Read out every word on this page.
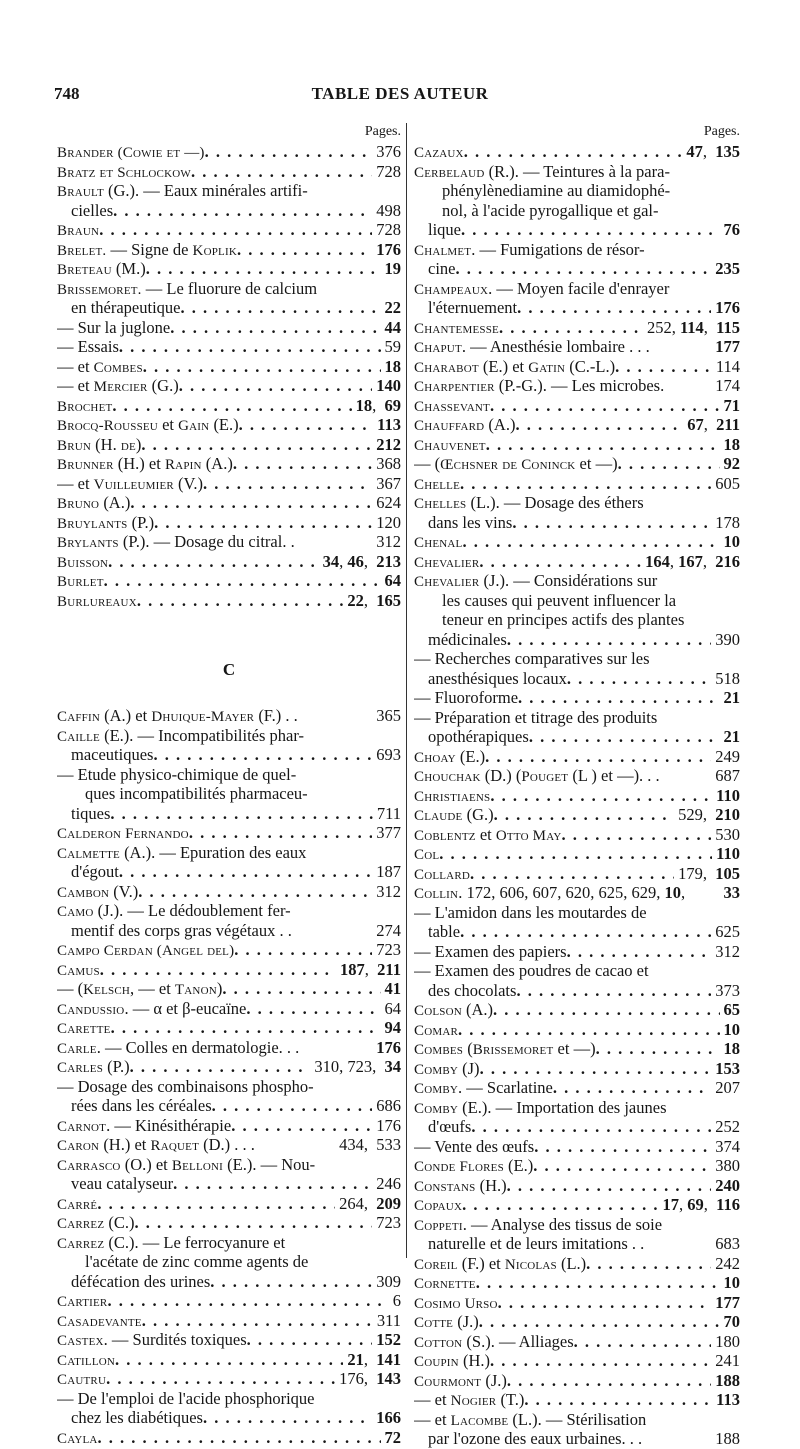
748	TABLE DES AUTEUR
Pages.
Brander (Cowie et —) . . .	376
Bratz et Schlockow . . .	728
Brault (G.). — Eaux minérales artifi-
cielles . . .	498
Braun . . .	728
Brelet. — Signe de Koplik . . .	176
Breteau (M.) . . .	19
Brissemoret. — Le fluorure de calcium
en thérapeutique . . .	22
— Sur la juglone . . .	44
— Essais . . .	59
— et Combes . . .	18
— et Mercier (G.) . . .	140
Brochet . . .	18,  69
Brocq-Rousseu et Gain (E.) . . .	113
Brun (H. de) . . .	212
Brunner (H.) et Rapin (A.) . . .	368
— et Vuilleumier (V.) . . .	367
Bruno (A.) . . .	624
Bruylants (P.) . . .	120
Brylants (P.). — Dosage du citral. .	312
Buisson . . .	34, 46,  213
Burlet . . .	64
Burlureaux . . .	22,  165
C
Caffin (A.) et Dhuique-Mayer (F.) . .	365
Caille (E.). — Incompatibilités phar-
maceutiques . . .	693
— Etude physico-chimique de quel-
ques incompatibilités pharmaceu-
tiques . . .	711
Calderon Fernando . . .	377
Calmette (A.). — Epuration des eaux
d'égout . . .	187
Cambon (V.) . . .	312
Camo (J.). — Le dédoublement fer-
mentif des corps gras végétaux . .	274
Campo Cerdan (Angel del) . . .	723
Camus . . .	187,  211
— (Kelsch, — et Tanon) . . .	41
Candussio. — α et β-eucaïne . . .	64
Carette . . .	94
Carle. — Colles en dermatologie. . .	176
Carles (P.) . . .	310, 723,  34
— Dosage des combinaisons phospho-
rées dans les céréales . . .	686
Carnot. — Kinésithérapie . . .	176
Caron (H.) et Raquet (D.) . . .	434,  533
Carrasco (O.) et Belloni (E.). — Nou-
veau catalyseur . . .	246
Carré . . .	264,  209
Carrez (C.) . . .	723
Carrez (C.). — Le ferrocyanure et
l'acétate de zinc comme agents de
défécation des urines . . .	309
Cartier . . .	6
Casadevante . . .	311
Castex. — Surdités toxiques . . .	152
Catillon . . .	21,  141
Cautru . . .	176,  143
— De l'emploi de l'acide phosphorique
chez les diabétiques . . .	166
Cayla . . .	72
Pages.
Cazaux . . .	47,  135
Cerbelaud (R.). — Teintures à la para-
phénylènediamine au diamidophé-
nol, à l'acide pyrogallique et gal-
lique . . .	76
Chalmet. — Fumigations de résor-
cine . . .	235
Champeaux. — Moyen facile d'enrayer
l'éternuement . . .	176
Chantemesse . . .	252, 114,  115
Chaput. — Anesthésie lombaire . . .	177
Charabot (E.) et Gatin (C.-L.) . . .	114
Charpentier (P.-G.). — Les microbes.	174
Chassevant . . .	71
Chauffard (A.) . . .	67,  211
Chauvenet . . .	18
— (Œchsner de Coninck et —) . . .	92
Chelle . . .	605
Chelles (L.). — Dosage des éthers
dans les vins . . .	178
Chenal . . .	10
Chevalier . . .	164, 167,  216
Chevalier (J.). — Considérations sur
les causes qui peuvent influencer la
teneur en principes actifs des plantes
médicinales . . .	390
— Recherches comparatives sur les
anesthésiques locaux . . .	518
— Fluoroforme . . .	21
— Préparation et titrage des produits
opothérapiques . . .	21
Choay (E.) . . .	249
Chouchak (D.) (Pouget (L ) et —). . .	687
Christiaens . . .	110
Claude (G.) . . .	529,  210
Coblentz et Otto May . . .	530
Col . . .	110
Collard . . .	179,  105
Collin. 172, 606, 607, 620, 625, 629, 10, 33
— L'amidon dans les moutardes de
table . . .	625
— Examen des papiers . . .	312
— Examen des poudres de cacao et
des chocolats . . .	373
Colson (A.) . . .	65
Comar . . .	10
Combes (Brissemoret et —) . . .	18
Comby (J) . . .	153
Comby. — Scarlatine . . .	207
Comby (E.). — Importation des jaunes
d'œufs . . .	252
— Vente des œufs . . .	374
Conde Flores (E.) . . .	380
Constans (H.) . . .	240
Copaux . . .	17, 69,  116
Coppeti. — Analyse des tissus de soie
naturelle et de leurs imitations . .	683
Coreil (F.) et Nicolas (L.) . . .	242
Cornette . . .	10
Cosimo Urso . . .	177
Cotte (J.) . . .	70
Cotton (S.). — Alliages . . .	180
Coupin (H.) . . .	241
Courmont (J.) . . .	188
— et Nogier (T.) . . .	113
— et Lacombe (L.). — Stérilisation
par l'ozone des eaux urbaines. . .	188
